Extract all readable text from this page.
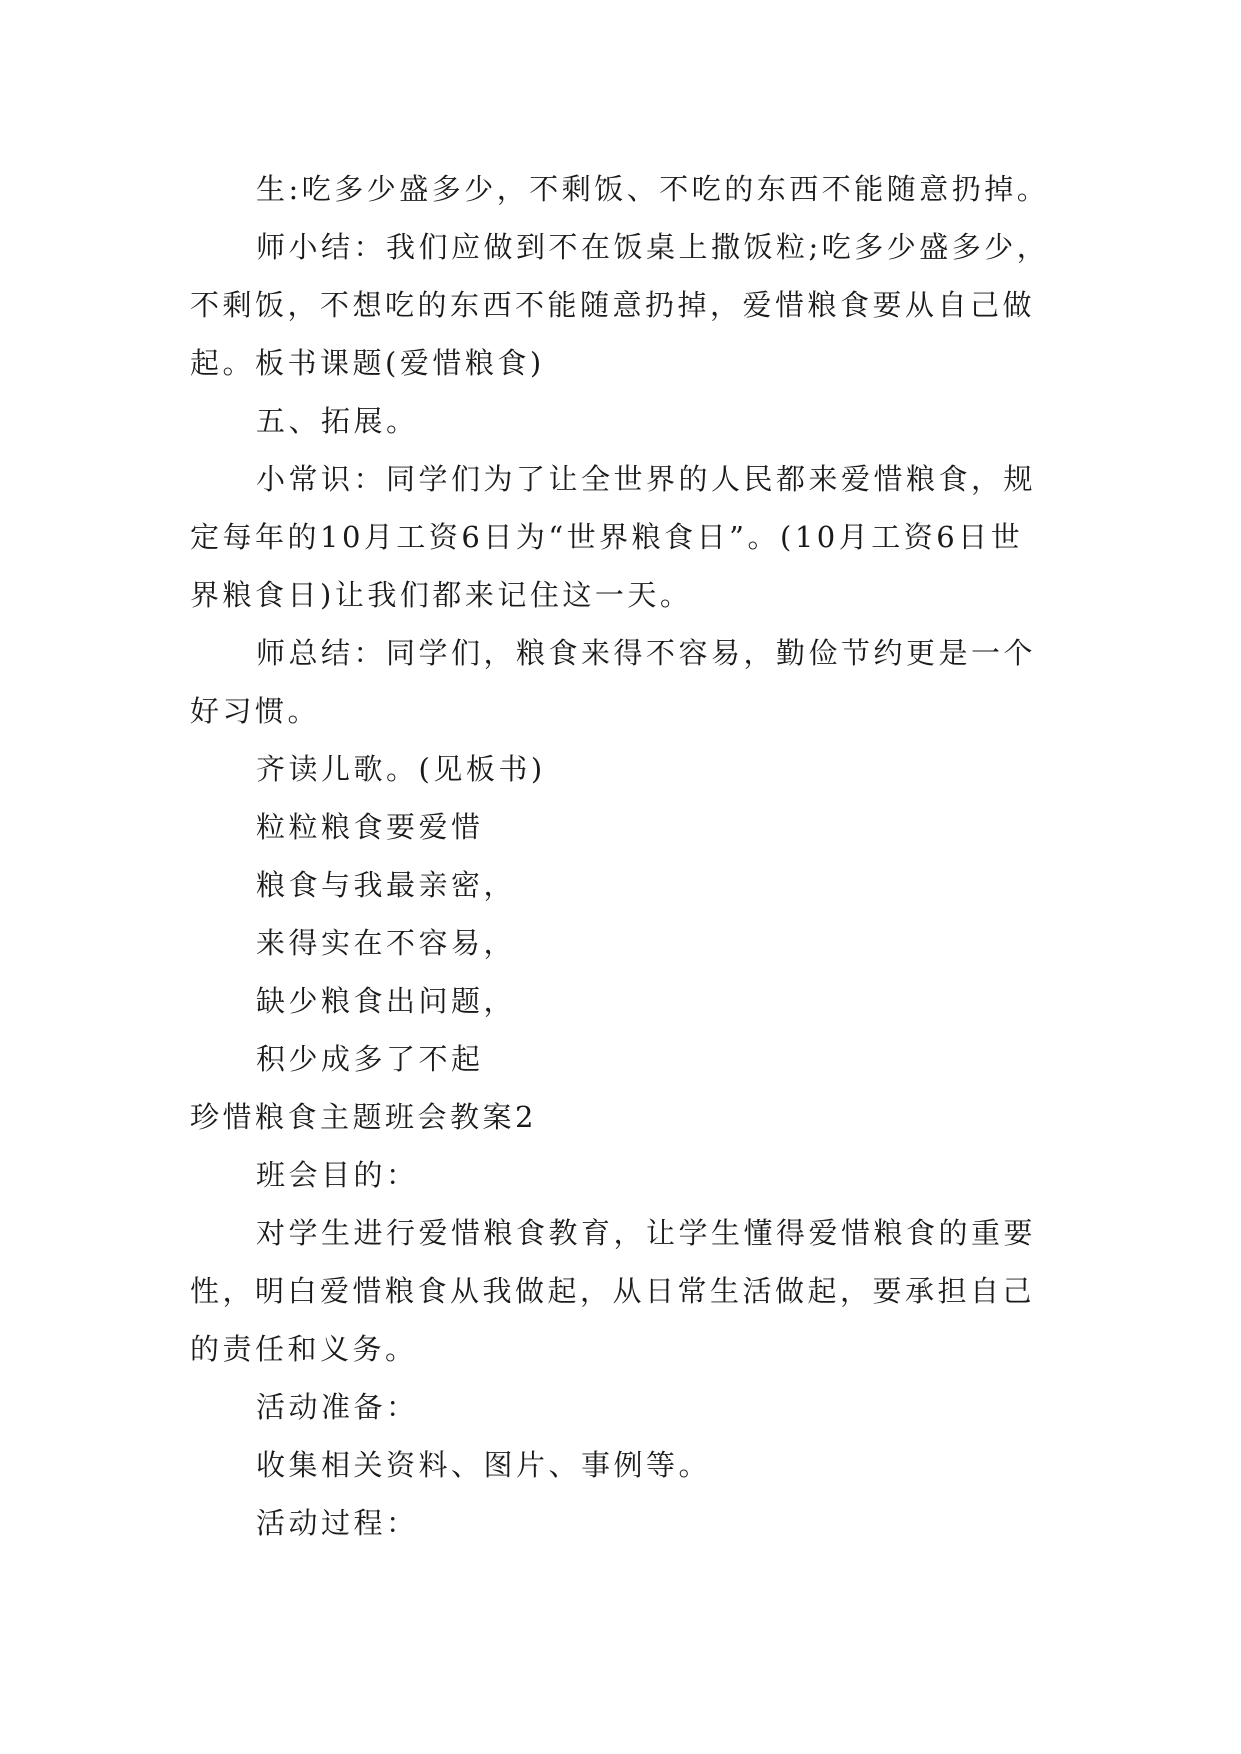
生:吃多少盛多少，不剩饭、不吃的东西不能随意扔掉。

师小结：我们应做到不在饭桌上撒饭粒;吃多少盛多少，不剩饭，不想吃的东西不能随意扔掉，爱惜粮食要从自己做起。板书课题(爱惜粮食)

五、拓展。

小常识：同学们为了让全世界的人民都来爱惜粮食，规定每年的10月工资6日为“世界粮食日”。(10月工资6日世界粮食日)让我们都来记住这一天。

师总结：同学们，粮食来得不容易，勤俭节约更是一个好习惯。

齐读儿歌。(见板书)

粒粒粮食要爱惜

粮食与我最亲密，

来得实在不容易，

缺少粮食出问题，

积少成多了不起

珍惜粮食主题班会教案2

班会目的：

对学生进行爱惜粮食教育，让学生懂得爱惜粮食的重要性，明白爱惜粮食从我做起，从日常生活做起，要承担自己的责任和义务。

活动准备：

收集相关资料、图片、事例等。

活动过程：
